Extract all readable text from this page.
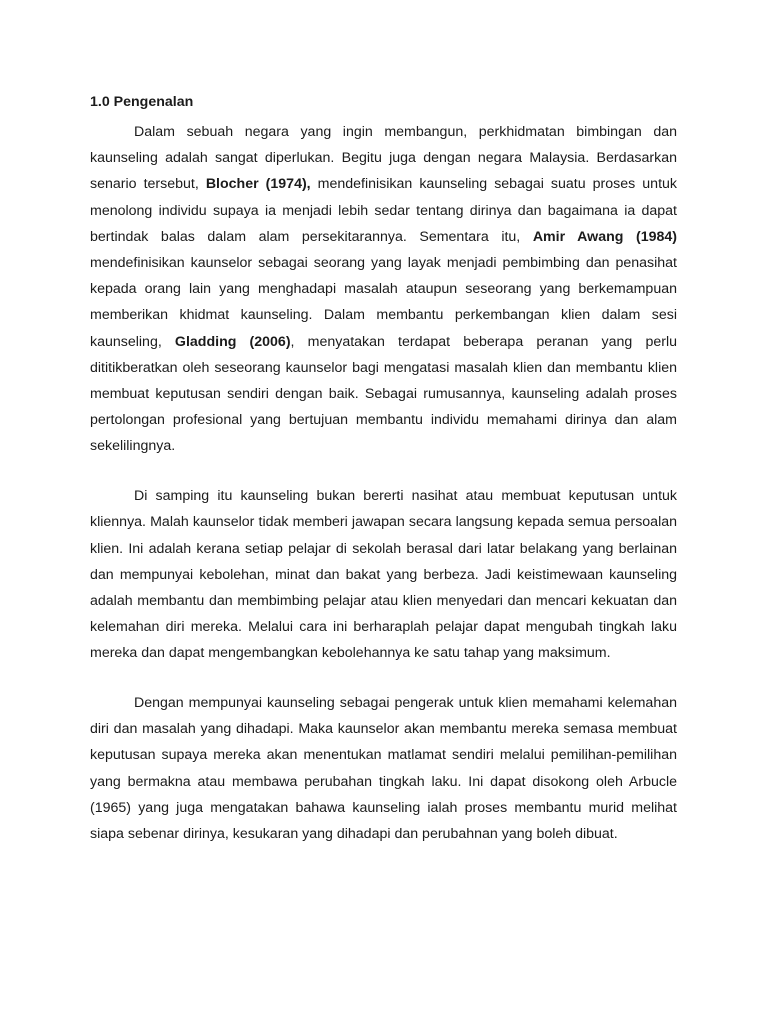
1.0 Pengenalan

Dalam sebuah negara yang ingin membangun, perkhidmatan bimbingan dan kaunseling adalah sangat diperlukan. Begitu juga dengan negara Malaysia. Berdasarkan senario tersebut, Blocher (1974), mendefinisikan kaunseling sebagai suatu proses untuk menolong individu supaya ia menjadi lebih sedar tentang dirinya dan bagaimana ia dapat bertindak balas dalam alam persekitarannya. Sementara itu, Amir Awang (1984) mendefinisikan kaunselor sebagai seorang yang layak menjadi pembimbing dan penasihat kepada orang lain yang menghadapi masalah ataupun seseorang yang berkemampuan memberikan khidmat kaunseling. Dalam membantu perkembangan klien dalam sesi kaunseling, Gladding (2006), menyatakan terdapat beberapa peranan yang perlu dititikberatkan oleh seseorang kaunselor bagi mengatasi masalah klien dan membantu klien membuat keputusan sendiri dengan baik. Sebagai rumusannya, kaunseling adalah proses pertolongan profesional yang bertujuan membantu individu memahami dirinya dan alam sekelilingnya.

Di samping itu kaunseling bukan bererti nasihat atau membuat keputusan untuk kliennya. Malah kaunselor tidak memberi jawapan secara langsung kepada semua persoalan klien. Ini adalah kerana setiap pelajar di sekolah berasal dari latar belakang yang berlainan dan mempunyai kebolehan, minat dan bakat yang berbeza. Jadi keistimewaan kaunseling adalah membantu dan membimbing pelajar atau klien menyedari dan mencari kekuatan dan kelemahan diri mereka. Melalui cara ini berharaplah pelajar dapat mengubah tingkah laku mereka dan dapat mengembangkan kebolehannya ke satu tahap yang maksimum.

Dengan mempunyai kaunseling sebagai pengerak untuk klien memahami kelemahan diri dan masalah yang dihadapi. Maka kaunselor akan membantu mereka semasa membuat keputusan supaya mereka akan menentukan matlamat sendiri melalui pemilihan-pemilihan yang bermakna atau membawa perubahan tingkah laku. Ini dapat disokong oleh Arbucle (1965) yang juga mengatakan bahawa kaunseling ialah proses membantu murid melihat siapa sebenar dirinya, kesukaran yang dihadapi dan perubahnan yang boleh dibuat.
